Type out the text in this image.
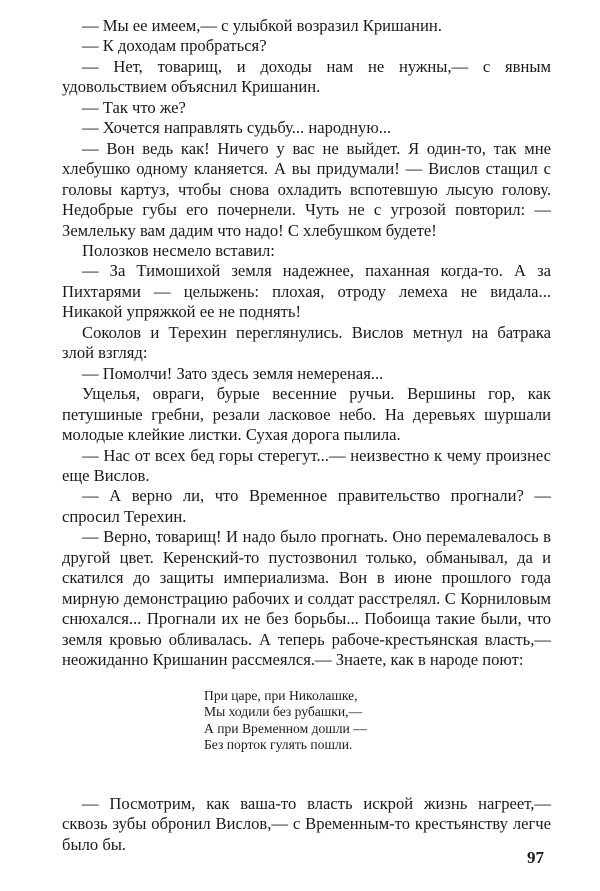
— Мы ее имеем,— с улыбкой возразил Кришанин.

— К доходам пробраться?

— Нет, товарищ, и доходы нам не нужны,— с явным удовольствием объяснил Кришанин.

— Так что же?

— Хочется направлять судьбу... народную...

— Вон ведь как! Ничего у вас не выйдет. Я один-то, так мне хлебушко одному кланяется. А вы придумали! — Вислов стащил с головы картуз, чтобы снова охладить вспотевшую лысую голову. Недобрые губы его почернели. Чуть не с угрозой повторил: — Землельку вам дадим что надо! С хлебушком будете!

Полозков несмело вставил:

— За Тимошихой земля надежнее, паханная когда-то. А за Пихтарями — целыжень: плохая, отроду лемеха не видала... Никакой упряжкой ее не поднять!

Соколов и Терехин переглянулись. Вислов метнул на батрака злой взгляд:

— Помолчи! Зато здесь земля немереная...

Ущелья, овраги, бурые весенние ручьи. Вершины гор, как петушиные гребни, резали ласковое небо. На деревьях шуршали молодые клейкие листки. Сухая дорога пылила.

— Нас от всех бед горы стерегут...— неизвестно к чему произнес еще Вислов.

— А верно ли, что Временное правительство прогнали? — спросил Терехин.

— Верно, товарищ! И надо было прогнать. Оно перемалевалось в другой цвет. Керенский-то пустозвонил только, обманывал, да и скатился до защиты империализма. Вон в июне прошлого года мирную демонстрацию рабочих и солдат расстрелял. С Корниловым снюхался... Прогнали их не без борьбы... Побоища такие были, что земля кровью обливалась. А теперь рабоче-крестьянская власть,— неожиданно Кришанин рассмеялся.— Знаете, как в народе поют:

При царе, при Николашке,
Мы ходили без рубашки,—
А при Временном дошли —
Без порток гулять пошли.

— Посмотрим, как ваша-то власть искрой жизнь нагреет,— сквозь зубы обронил Вислов,— с Временным-то крестьянству легче было бы.

97
